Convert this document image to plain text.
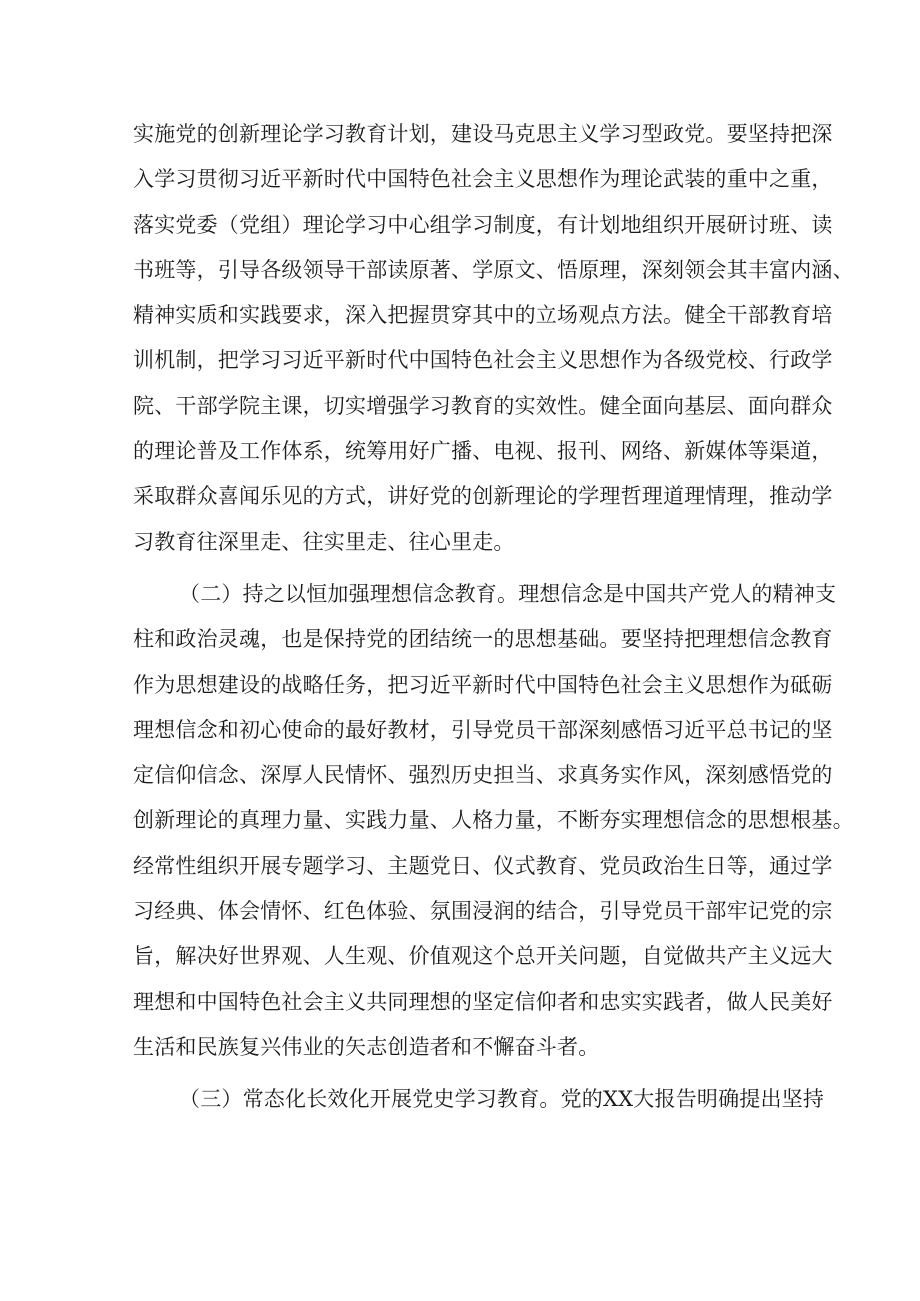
实施党的创新理论学习教育计划，建设马克思主义学习型政党。要坚持把深
入学习贯彻习近平新时代中国特色社会主义思想作为理论武装的重中之重，
落实党委（党组）理论学习中心组学习制度，有计划地组织开展研讨班、读
书班等，引导各级领导干部读原著、学原文、悟原理，深刻领会其丰富内涵、
精神实质和实践要求，深入把握贯穿其中的立场观点方法。健全干部教育培
训机制，把学习习近平新时代中国特色社会主义思想作为各级党校、行政学
院、干部学院主课，切实增强学习教育的实效性。健全面向基层、面向群众
的理论普及工作体系，统筹用好广播、电视、报刊、网络、新媒体等渠道，
采取群众喜闻乐见的方式，讲好党的创新理论的学理哲理道理情理，推动学
习教育往深里走、往实里走、往心里走。
（二）持之以恒加强理想信念教育。理想信念是中国共产党人的精神支
柱和政治灵魂，也是保持党的团结统一的思想基础。要坚持把理想信念教育
作为思想建设的战略任务，把习近平新时代中国特色社会主义思想作为砥砺
理想信念和初心使命的最好教材，引导党员干部深刻感悟习近平总书记的坚
定信仰信念、深厚人民情怀、强烈历史担当、求真务实作风，深刻感悟党的
创新理论的真理力量、实践力量、人格力量，不断夯实理想信念的思想根基。
经常性组织开展专题学习、主题党日、仪式教育、党员政治生日等，通过学
习经典、体会情怀、红色体验、氛围浸润的结合，引导党员干部牢记党的宗
旨，解决好世界观、人生观、价值观这个总开关问题，自觉做共产主义远大
理想和中国特色社会主义共同理想的坚定信仰者和忠实实践者，做人民美好
生活和民族复兴伟业的矢志创造者和不懈奋斗者。
（三）常态化长效化开展党史学习教育。党的XX大报告明确提出坚持
